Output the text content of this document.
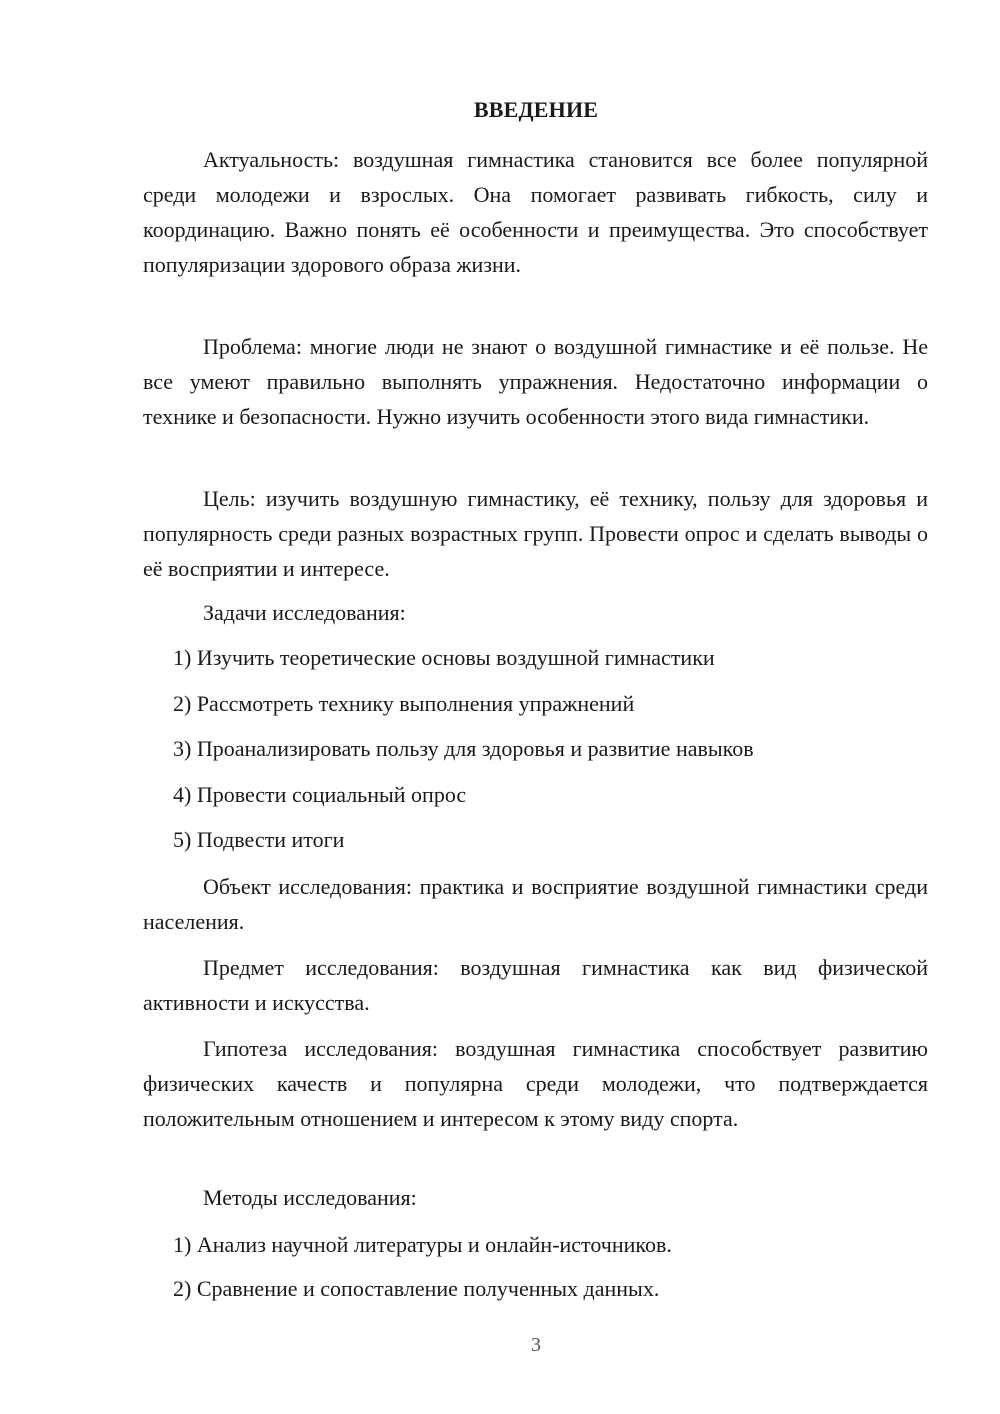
ВВЕДЕНИЕ

Актуальность: воздушная гимнастика становится все более популярной среди молодежи и взрослых. Она помогает развивать гибкость, силу и координацию. Важно понять её особенности и преимущества. Это способствует популяризации здорового образа жизни.

Проблема: многие люди не знают о воздушной гимнастике и её пользе. Не все умеют правильно выполнять упражнения. Недостаточно информации о технике и безопасности. Нужно изучить особенности этого вида гимнастики.

Цель: изучить воздушную гимнастику, её технику, пользу для здоровья и популярность среди разных возрастных групп. Провести опрос и сделать выводы о её восприятии и интересе.

Задачи исследования:
1) Изучить теоретические основы воздушной гимнастики
2) Рассмотреть технику выполнения упражнений
3) Проанализировать пользу для здоровья и развитие навыков
4) Провести социальный опрос
5) Подвести итоги

Объект исследования: практика и восприятие воздушной гимнастики среди населения.

Предмет исследования: воздушная гимнастика как вид физической активности и искусства.

Гипотеза исследования: воздушная гимнастика способствует развитию физических качеств и популярна среди молодежи, что подтверждается положительным отношением и интересом к этому виду спорта.

Методы исследования:
1) Анализ научной литературы и онлайн-источников.
2) Сравнение и сопоставление полученных данных.
3
